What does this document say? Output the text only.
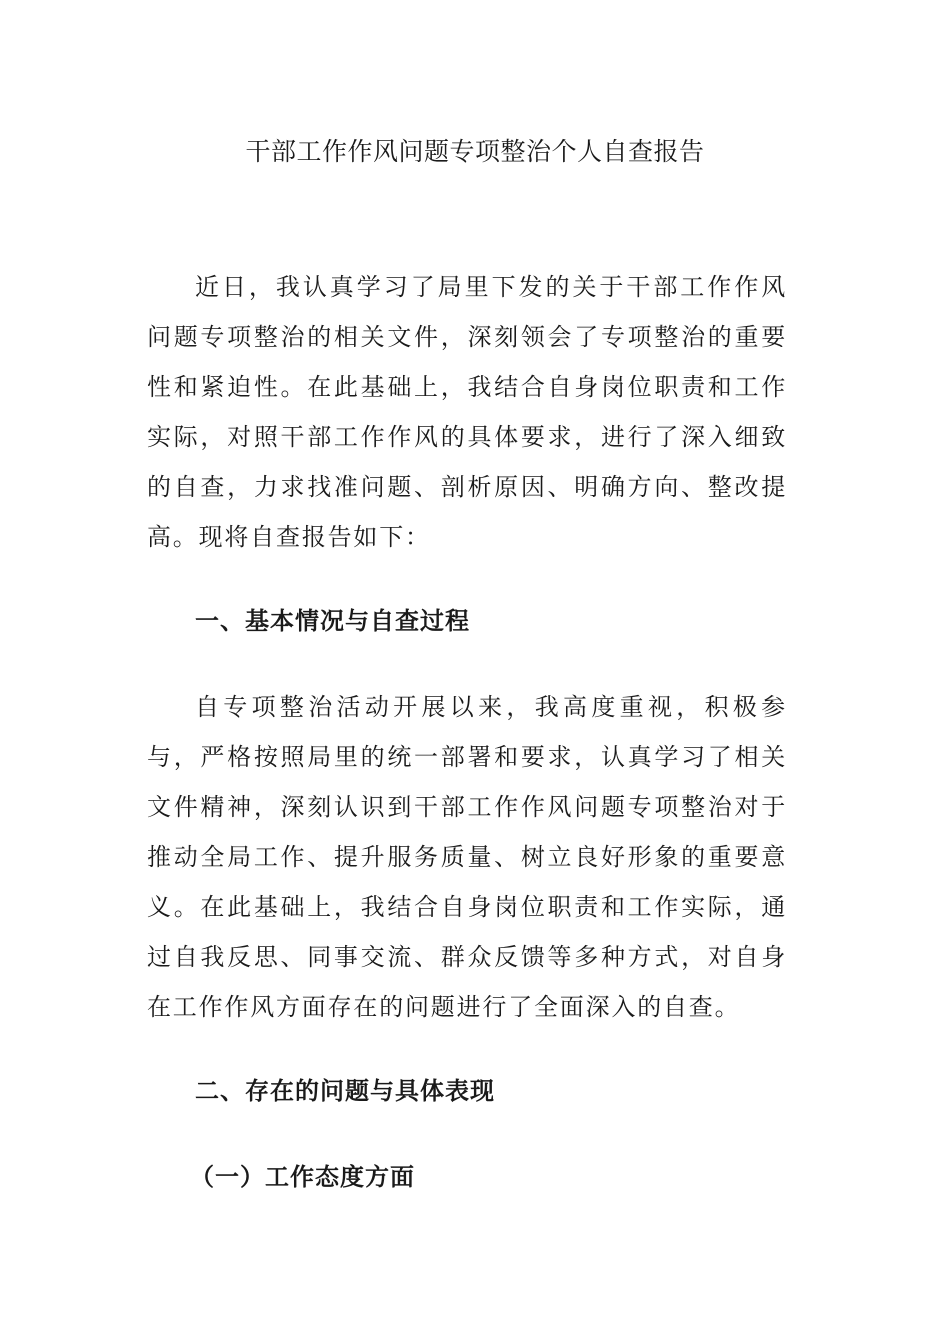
干部工作作风问题专项整治个人自查报告

近日，我认真学习了局里下发的关于干部工作作风问题专项整治的相关文件，深刻领会了专项整治的重要性和紧迫性。在此基础上，我结合自身岗位职责和工作实际，对照干部工作作风的具体要求，进行了深入细致的自查，力求找准问题、剖析原因、明确方向、整改提高。现将自查报告如下：

一、基本情况与自查过程

自专项整治活动开展以来，我高度重视，积极参与，严格按照局里的统一部署和要求，认真学习了相关文件精神，深刻认识到干部工作作风问题专项整治对于推动全局工作、提升服务质量、树立良好形象的重要意义。在此基础上，我结合自身岗位职责和工作实际，通过自我反思、同事交流、群众反馈等多种方式，对自身在工作作风方面存在的问题进行了全面深入的自查。

二、存在的问题与具体表现
（一）工作态度方面
